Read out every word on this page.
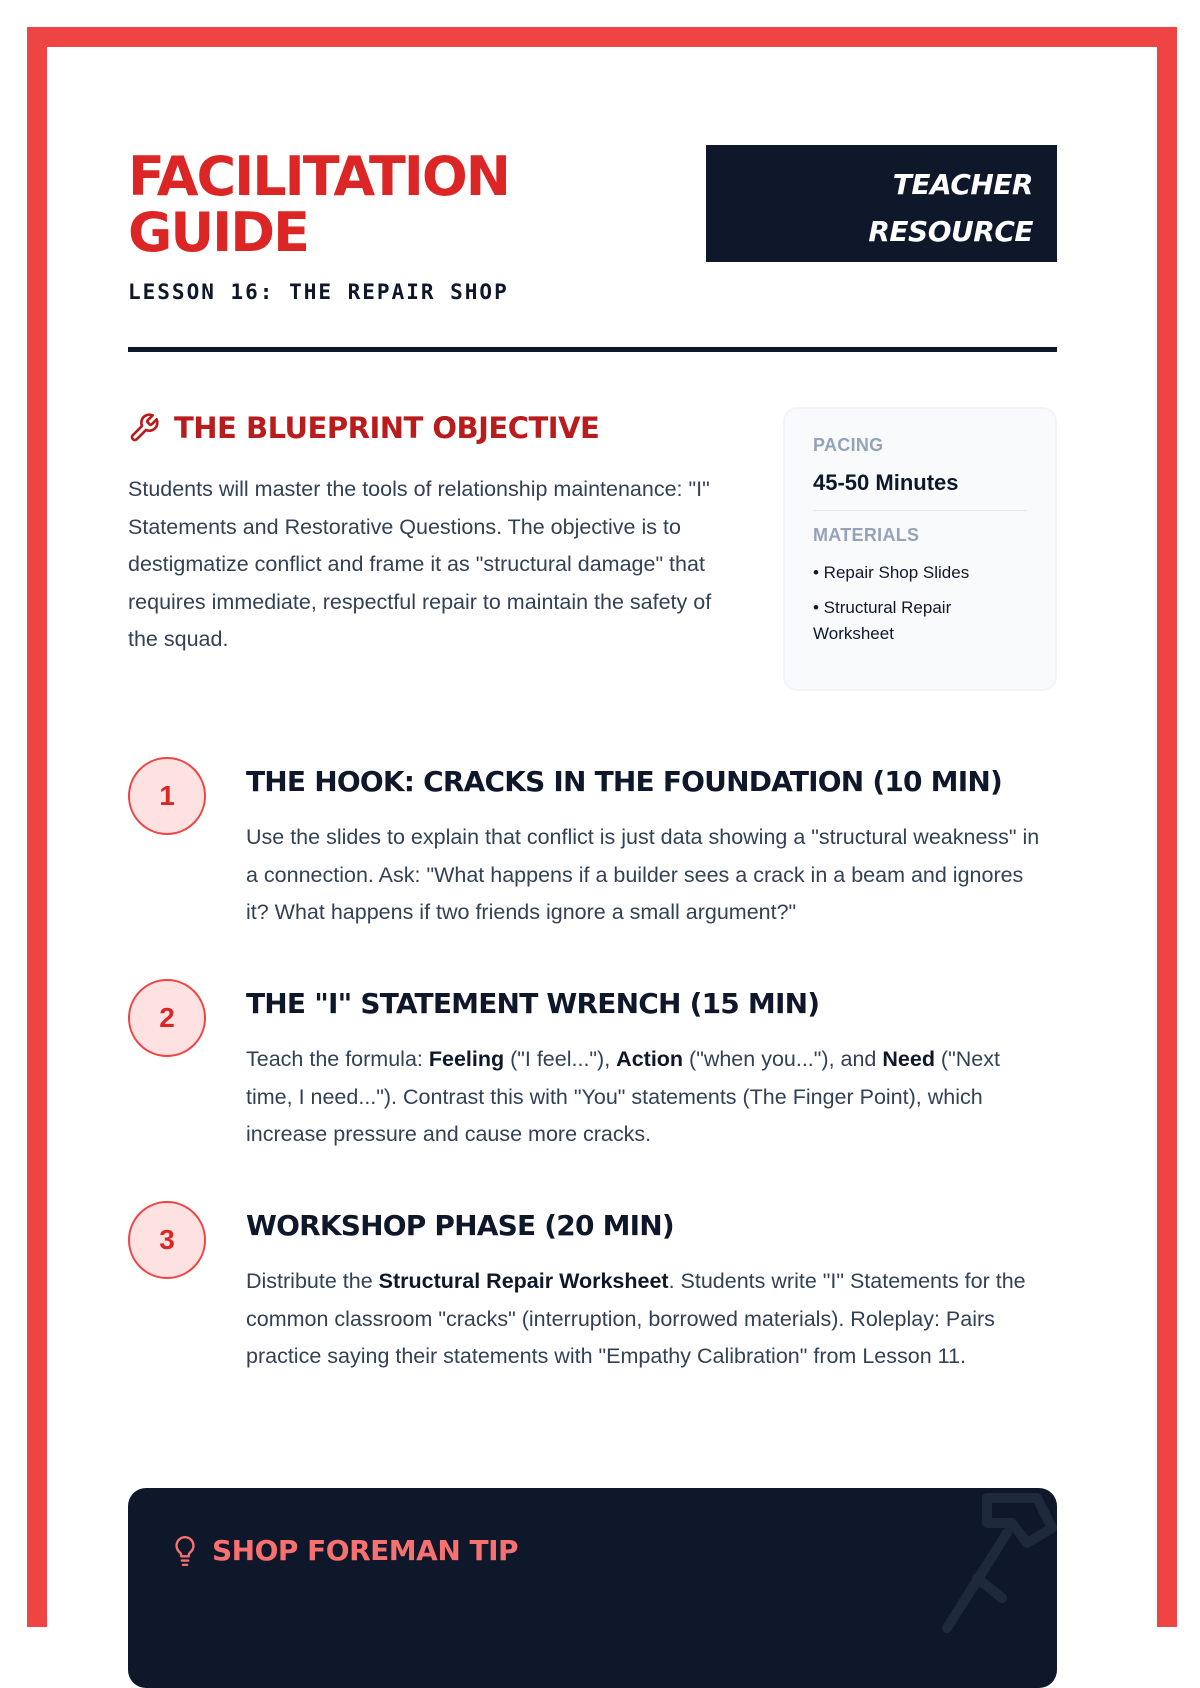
FACILITATION
GUIDE
LESSON 16: THE REPAIR SHOP
TEACHER
RESOURCE
THE BLUEPRINT OBJECTIVE

Students will master the tools of relationship maintenance: "I" Statements and Restorative Questions. The objective is to destigmatize conflict and frame it as "structural damage" that requires immediate, respectful repair to maintain the safety of the squad.

PACING
45-50 Minutes
MATERIALS
• Repair Shop Slides
• Structural Repair Worksheet
1	THE HOOK: CRACKS IN THE FOUNDATION (10 MIN)

Use the slides to explain that conflict is just data showing a "structural weakness" in a connection. Ask: "What happens if a builder sees a crack in a beam and ignores it? What happens if two friends ignore a small argument?"

2	THE "I" STATEMENT WRENCH (15 MIN)

Teach the formula: Feeling ("I feel..."), Action ("when you..."), and Need ("Next time, I need..."). Contrast this with "You" statements (The Finger Point), which increase pressure and cause more cracks.

3	WORKSHOP PHASE (20 MIN)

Distribute the Structural Repair Worksheet. Students write "I" Statements for the common classroom "cracks" (interruption, borrowed materials). Roleplay: Pairs practice saying their statements with "Empathy Calibration" from Lesson 11.

SHOP FOREMAN TIP
